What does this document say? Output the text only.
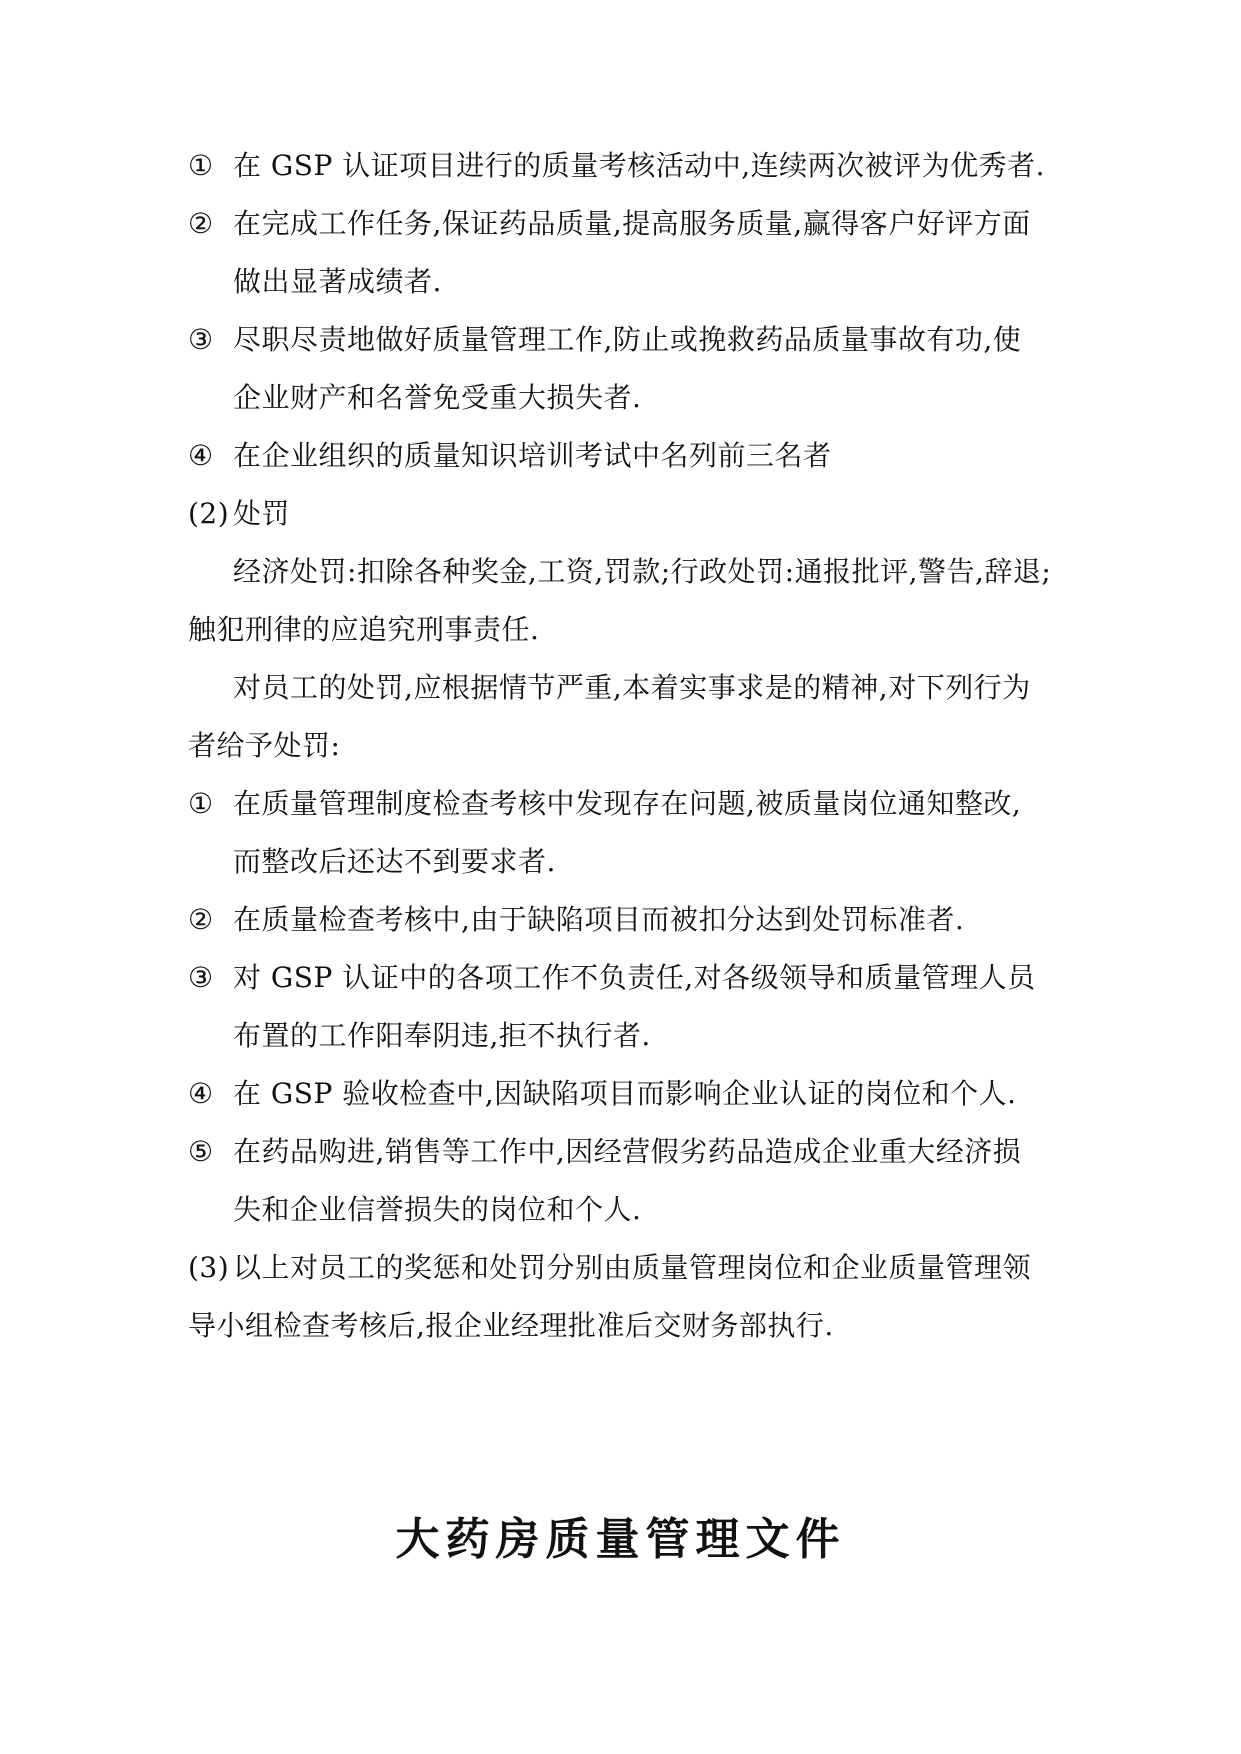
① 在 GSP 认证项目进行的质量考核活动中,连续两次被评为优秀者.
② 在完成工作任务,保证药品质量,提高服务质量,赢得客户好评方面
做出显著成绩者.
③ 尽职尽责地做好质量管理工作,防止或挽救药品质量事故有功,使
企业财产和名誉免受重大损失者.
④ 在企业组织的质量知识培训考试中名列前三名者
(2) 处罚
经济处罚:扣除各种奖金,工资,罚款;行政处罚:通报批评,警告,辞退;
触犯刑律的应追究刑事责任.
对员工的处罚,应根据情节严重,本着实事求是的精神,对下列行为
者给予处罚:
① 在质量管理制度检查考核中发现存在问题,被质量岗位通知整改,
而整改后还达不到要求者.
② 在质量检查考核中,由于缺陷项目而被扣分达到处罚标准者.
③ 对 GSP 认证中的各项工作不负责任,对各级领导和质量管理人员
布置的工作阳奉阴违,拒不执行者.
④ 在 GSP 验收检查中,因缺陷项目而影响企业认证的岗位和个人.
⑤ 在药品购进,销售等工作中,因经营假劣药品造成企业重大经济损
失和企业信誉损失的岗位和个人.
(3) 以上对员工的奖惩和处罚分别由质量管理岗位和企业质量管理领
导小组检查考核后,报企业经理批准后交财务部执行.
大药房质量管理文件
